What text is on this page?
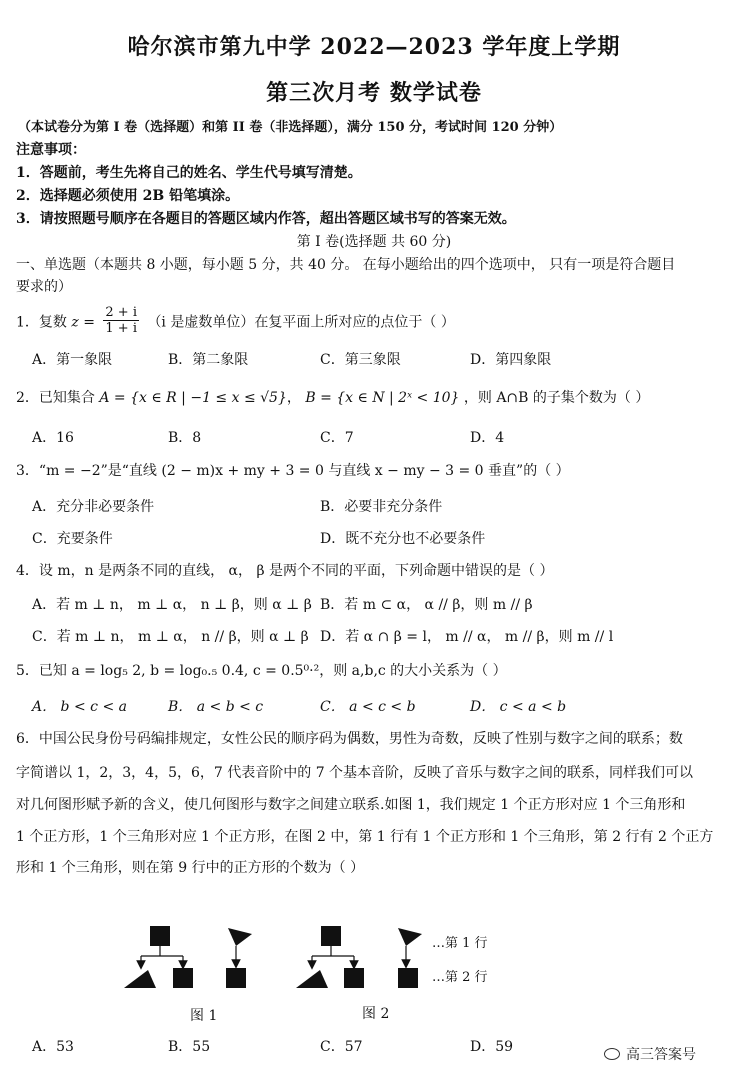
哈尔滨市第九中学 2022—2023 学年度上学期
第三次月考 数学试卷
（本试卷分为第 I 卷（选择题）和第 II 卷（非选择题），满分 150 分，考试时间 120 分钟）
注意事项：
1．答题前，考生先将自己的姓名、学生代号填写清楚。
2．选择题必须使用 2B 铅笔填涂。
3．请按照题号顺序在各题目的答题区域内作答，超出答题区域书写的答案无效。
第 I 卷(选择题 共 60 分)
一、单选题（本题共 8 小题，每小题 5 分，共 40 分。 在每小题给出的四个选项中， 只有一项是符合题目
要求的）
1．复数 $z = \frac{2 + i}{1 + i} (i$ 是虚数单位）在复平面上所对应的点位于（ ）
A．第一象限	B．第二象限	C．第三象限	D．第四象限
2．已知集合 A = {x ∈ R | −1 ≤ x ≤ √5}， B = {x ∈ N | 2ˣ < 10} ，则 A∩B 的子集个数为（ ）
A．16	B．8	C．7	D．4
3．“m = −2”是“直线 (2 − m)x + my + 3 = 0 与直线 x − my − 3 = 0 垂直”的（ ）
A．充分非必要条件	B．必要非充分条件
C．充要条件	D．既不充分也不必要条件
4．设 m，n 是两条不同的直线， α， β 是两个不同的平面，下列命题中错误的是（ ）
A．若 m ⊥ n， m ⊥ α， n ⊥ β，则 α ⊥ β B．若 m ⊂ α， α // β，则 m // β
C．若 m ⊥ n， m ⊥ α， n // β，则 α ⊥ β D．若 α ∩ β = l， m // α， m // β，则 m // l
5．已知 a = log₅ 2, b = log₀.₅ 0.4, c = 0.5⁰·²，则 a,b,c 的大小关系为（ ）
A． b < c < a	B． a < b < c	C． a < c < b	D． c < a < b
6．中国公民身份号码编排规定，女性公民的顺序码为偶数，男性为奇数，反映了性别与数字之间的联系；数
字简谱以 1，2，3，4，5，6，7 代表音阶中的 7 个基本音阶，反映了音乐与数字之间的联系，同样我们可以
对几何图形赋予新的含义，使几何图形与数字之间建立联系.如图 1，我们规定 1 个正方形对应 1 个三角形和
1 个正方形，1 个三角形对应 1 个正方形，在图 2 中，第 1 行有 1 个正方形和 1 个三角形，第 2 行有 2 个正方
形和 1 个三角形，则在第 9 行中的正方形的个数为（ ）
…第 1 行
…第 2 行
图 1	图 2
A．53	B．55	C．57	D．59	高三答案号
